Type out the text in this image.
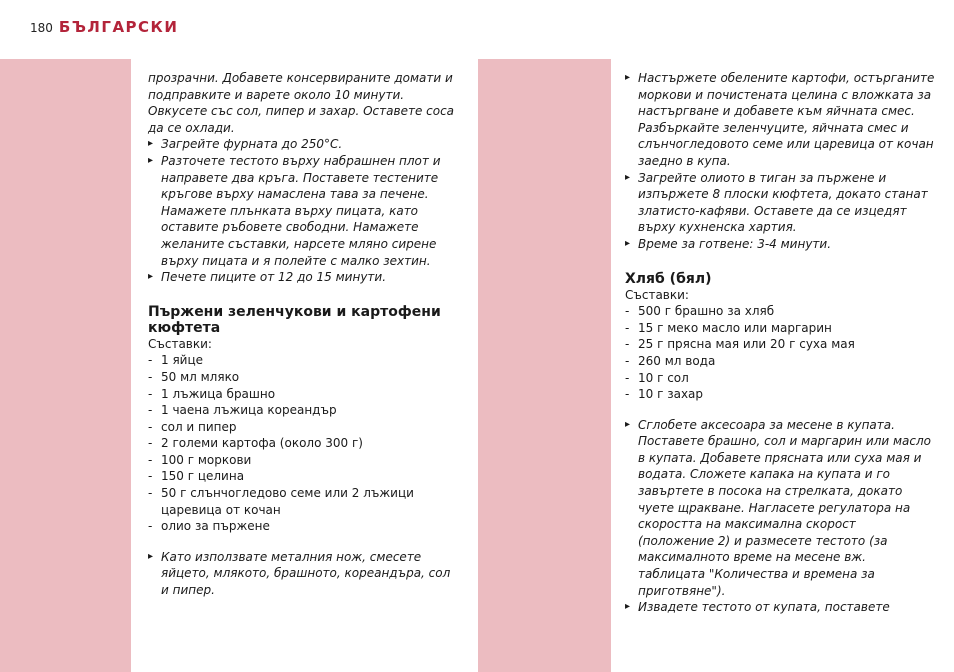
180 БЪЛГАРСКИ
прозрачни. Добавете консервираните домати и подправките и варете около 10 минути. Овкусете със сол, пипер и захар. Оставете соса да се охлади.
▸ Загрейте фурната до 250°C.
▸ Разточете тестото върху набрашнен плот и направете два кръга. Поставете тестените кръгове върху намаслена тава за печене. Намажете плънката върху пицата, като оставите ръбовете свободни. Намажете желаните съставки, нарсете мляно сирене върху пицата и я полейте с малко зехтин.
▸ Печете пиците от 12 до 15 минути.
Пържени зеленчукови и картофени кюфтета
Съставки:
- 1 яйце
- 50 мл мляко
- 1 лъжица брашно
- 1 чаена лъжица кореандър
- сол и пипер
- 2 големи картофа (около 300 г)
- 100 г моркови
- 150 г целина
- 50 г слънчогледово семе или 2 лъжици царевица от кочан
- олио за пържене
▸ Като използвате металния нож, смесете яйцето, млякото, брашното, кореандъра, сол и пипер.
▸ Настържете обелените картофи, остърганите моркови и почистената целина с вложката за настъргване и добавете към яйчната смес. Разбъркайте зеленчуците, яйчната смес и слънчогледовото семе или царевица от кочан заедно в купа.
▸ Загрейте олиото в тиган за пържене и изпържете 8 плоски кюфтета, докато станат златисто-кафяви. Оставете да се изцедят върху кухненска хартия.
▸ Време за готвене: 3-4 минути.
Хляб (бял)
Съставки:
- 500 г брашно за хляб
- 15 г меко масло или маргарин
- 25 г прясна мая или 20 г суха мая
- 260 мл вода
- 10 г сол
- 10 г захар
▸ Сглобете аксесоара за месене в купата. Поставете брашно, сол и маргарин или масло в купата. Добавете прясната или суха мая и водата. Сложете капака на купата и го завъртете в посока на стрелката, докато чуете щракване. Нагласете регулатора на скоростта на максимална скорост (положение 2) и размесете тестото (за максималното време на месене вж. таблицата "Количества и времена за приготвяне").
▸ Извадете тестото от купата, поставете
